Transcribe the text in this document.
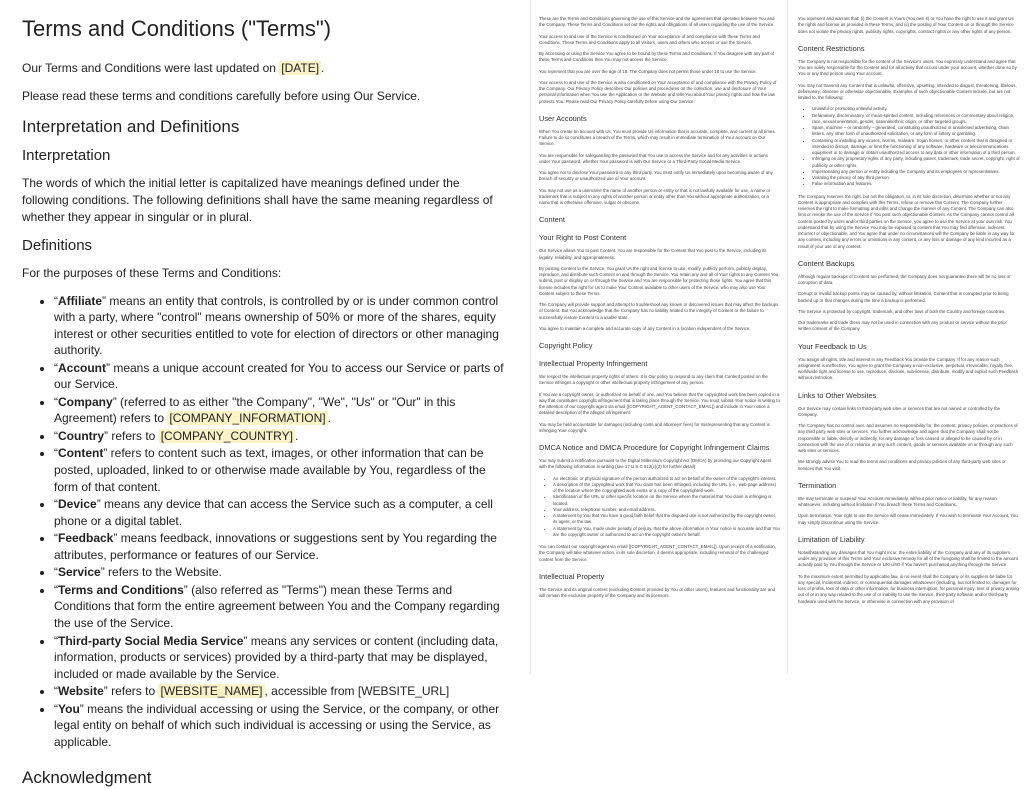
Terms and Conditions ("Terms")

Our Terms and Conditions were last updated on [DATE] .

Please read these terms and conditions carefully before using Our Service.

Interpretation and Definitions
Interpretation

The words of which the initial letter is capitalized have meanings defined under the following conditions. The following definitions shall have the same meaning regardless of whether they appear in singular or in plural.

Definitions

For the purposes of these Terms and Conditions:

• “Affiliate” means an entity that controls, is controlled by or is under common control with a party, where "control" means ownership of 50% or more of the shares, equity interest or other securities entitled to vote for election of directors or other managing authority.
• “Account” means a unique account created for You to access our Service or parts of our Service.
• “Company” (referred to as either "the Company", "We", "Us" or "Our" in this Agreement) refers to [COMPANY_INFORMATION] .
• “Country” refers to [COMPANY_COUNTRY] .
• “Content” refers to content such as text, images, or other information that can be posted, uploaded, linked to or otherwise made available by You, regardless of the form of that content.
• “Device” means any device that can access the Service such as a computer, a cell phone or a digital tablet.
• “Feedback” means feedback, innovations or suggestions sent by You regarding the attributes, performance or features of our Service.
• “Service” refers to the Website.
• “Terms and Conditions” (also referred as "Terms") mean these Terms and Conditions that form the entire agreement between You and the Company regarding the use of the Service.
• “Third-party Social Media Service” means any services or content (including data, information, products or services) provided by a third-party that may be displayed, included or made available by the Service.
• “Website” refers to [WEBSITE_NAME] , accessible from [WEBSITE_URL]
• “You” means the individual accessing or using the Service, or the company, or other legal entity on behalf of which such individual is accessing or using the Service, as applicable.
Acknowledgment

These are the Terms and Conditions governing the use of this Service and the agreement that operates between You and the Company. These Terms and Conditions set out the rights and obligations of all users regarding the use of the Service.

Your access to and use of the Service is conditioned on Your acceptance of and compliance with these Terms and Conditions. These Terms and Conditions apply to all visitors, users and others who access or use the Service.

By accessing or using the Service You agree to be bound by these Terms and Conditions. If You disagree with any part of these Terms and Conditions then You may not access the Service.

You represent that you are over the age of 18. The Company does not permit those under 18 to use the Service.

Your access to and use of the Service is also conditioned on Your acceptance of and compliance with the Privacy Policy of the Company. Our Privacy Policy describes Our policies and procedures on the collection, use and disclosure of Your personal information when You use the Application or the Website and tells You about Your privacy rights and how the law protects You. Please read Our Privacy Policy carefully before using Our Service.

User Accounts

When You create an account with Us, You must provide Us information that is accurate, complete, and current at all times. Failure to do so constitutes a breach of the Terms, which may result in immediate termination of Your account on Our Service.

You are responsible for safeguarding the password that You use to access the Service and for any activities or actions under Your password, whether Your password is with Our Service or a Third-Party Social Media Service.

You agree not to disclose Your password to any third party. You must notify Us immediately upon becoming aware of any breach of security or unauthorized use of Your account.

You may not use as a username the name of another person or entity or that is not lawfully available for use, a name or trademark that is subject to any rights of another person or entity other than You without appropriate authorization, or a name that is otherwise offensive, vulgar or obscene.

Content
Your Right to Post Content

Our Service allows You to post Content. You are responsible for the Content that You post to the Service, including its legality, reliability, and appropriateness.

By posting Content to the Service, You grant Us the right and license to use, modify, publicly perform, publicly display, reproduce, and distribute such Content on and through the Service. You retain any and all of Your rights to any Content You submit, post or display on or through the Service and You are responsible for protecting those rights. You agree that this license includes the right for Us to make Your Content available to other users of the Service, who may also use Your Content subject to these Terms.

The Company will provide support and attempt to troubleshoot any known or discovered issues that may affect the backups of Content. But You acknowledge that the Company has no liability related to the integrity of Content or the failure to successfully restore Content to a usable state.

You agree to maintain a complete and accurate copy of any Content in a location independent of the Service.

Copyright Policy
Intellectual Property Infringement

We respect the intellectual property rights of others. It is Our policy to respond to any claim that Content posted on the Service infringes a copyright or other intellectual property infringement of any person.

If You are a copyright owner, or authorized on behalf of one, and You believe that the copyrighted work has been copied in a way that constitutes copyright infringement that is taking place through the Service, You must submit Your notice in writing to the attention of our copyright agent via email ([COPYRIGHT_AGENT_CONTACT_EMAIL]) and include in Your notice a detailed description of the alleged infringement.

You may be held accountable for damages (including costs and attorneys' fees) for misrepresenting that any Content is infringing Your copyright.

DMCA Notice and DMCA Procedure for Copyright Infringement Claims

You may submit a notification pursuant to the Digital Millennium Copyright Act (DMCA) by providing our Copyright Agent with the following information in writing (see 17 U.S.C 512(c)(3) for further detail):

• An electronic or physical signature of the person authorized to act on behalf of the owner of the copyright's interest.
• A description of the copyrighted work that You claim has been infringed, including the URL (i.e., web page address) of the location where the copyrighted work exists or a copy of the copyrighted work.
• Identification of the URL or other specific location on the Service where the material that You claim is infringing is located.
• Your address, telephone number, and email address.
• A statement by You that You have a good faith belief that the disputed use is not authorized by the copyright owner, its agent, or the law.
• A statement by You, made under penalty of perjury, that the above information in Your notice is accurate and that You are the copyright owner or authorized to act on the copyright owner's behalf.

You can contact our copyright agent via email ([COPYRIGHT_AGENT_CONTACT_EMAIL]). Upon receipt of a notification, the Company will take whatever action, in its sole discretion, it deems appropriate, including removal of the challenged content from the Service.

Intellectual Property

The Service and its original content (excluding Content provided by You or other users), features and functionality are and will remain the exclusive property of the Company and its licensors.

You represent and warrant that: (i) the Content is Yours (You own it) or You have the right to use it and grant Us the rights and license as provided in these Terms, and (ii) the posting of Your Content on or through the Service does not violate the privacy rights, publicity rights, copyrights, contract rights or any other rights of any person.

Content Restrictions

The Company is not responsible for the content of the Service's users. You expressly understand and agree that You are solely responsible for the Content and for all activity that occurs under your account, whether done so by You or any third person using Your account.

You may not transmit any Content that is unlawful, offensive, upsetting, intended to disgust, threatening, libelous, defamatory, obscene or otherwise objectionable. Examples of such objectionable Content include, but are not limited to, the following:

• Unlawful or promoting unlawful activity.
• Defamatory, discriminatory, or mean-spirited content, including references or commentary about religion, race, sexual orientation, gender, national/ethnic origin, or other targeted groups.
• Spam, machine – or randomly – generated, constituting unauthorized or unsolicited advertising, chain letters, any other form of unauthorized solicitation, or any form of lottery or gambling.
• Containing or installing any viruses, worms, malware, trojan horses, or other content that is designed or intended to disrupt, damage, or limit the functioning of any software, hardware or telecommunications equipment or to damage or obtain unauthorized access to any data or other information of a third person.
• Infringing on any proprietary rights of any party, including patent, trademark, trade secret, copyright, right of publicity or other rights.
• Impersonating any person or entity including the Company and its employees or representatives.
• Violating the privacy of any third person.
• False information and features.

The Company reserves the right, but not the obligation, to, in its sole discretion, determine whether or not any Content is appropriate and complies with this Terms, refuse or remove this Content. The Company further reserves the right to make formatting and edits and change the manner of any Content. The Company can also limit or revoke the use of the Service if You post such objectionable Content. As the Company cannot control all content posted by users and/or third parties on the Service, you agree to use the Service at your own risk. You understand that by using the Service You may be exposed to content that You may find offensive, indecent, incorrect or objectionable, and You agree that under no circumstances will the Company be liable in any way for any content, including any errors or omissions in any content, or any loss or damage of any kind incurred as a result of your use of any content.

Content Backups

Although regular backups of Content are performed, the Company does not guarantee there will be no loss or corruption of data.

Corrupt or invalid backup points may be caused by, without limitation, Content that is corrupted prior to being backed up or that changes during the time a backup is performed.

The Service is protected by copyright, trademark, and other laws of both the Country and foreign countries.

Our trademarks and trade dress may not be used in connection with any product or service without the prior written consent of the Company.

Your Feedback to Us

You assign all rights, title and interest in any Feedback You provide the Company. If for any reason such assignment is ineffective, You agree to grant the Company a non-exclusive, perpetual, irrevocable, royalty free, worldwide right and license to use, reproduce, disclose, sub-license, distribute, modify and exploit such Feedback without restriction.

Links to Other Websites

Our Service may contain links to third-party web sites or services that are not owned or controlled by the Company.

The Company has no control over, and assumes no responsibility for, the content, privacy policies, or practices of any third party web sites or services. You further acknowledge and agree that the Company shall not be responsible or liable, directly or indirectly, for any damage or loss caused or alleged to be caused by or in connection with the use of or reliance on any such content, goods or services available on or through any such web sites or services.

We strongly advise You to read the terms and conditions and privacy policies of any third-party web sites or services that You visit.

Termination

We may terminate or suspend Your Account immediately, without prior notice or liability, for any reason whatsoever, including without limitation if You breach these Terms and Conditions.

Upon termination, Your right to use the Service will cease immediately. If You wish to terminate Your Account, You may simply discontinue using the Service.

Limitation of Liability

Notwithstanding any damages that You might incur, the entire liability of the Company and any of its suppliers under any provision of this Terms and Your exclusive remedy for all of the foregoing shall be limited to the amount actually paid by You through the Service or 100 USD if You haven't purchased anything through the Service.

To the maximum extent permitted by applicable law, in no event shall the Company or its suppliers be liable for any special, incidental, indirect, or consequential damages whatsoever (including, but not limited to, damages for loss of profits, loss of data or other information, for business interruption, for personal injury, loss of privacy arising out of or in any way related to the use of or inability to use the Service, third-party software and/or third-party hardware used with the Service, or otherwise in connection with any provision of
